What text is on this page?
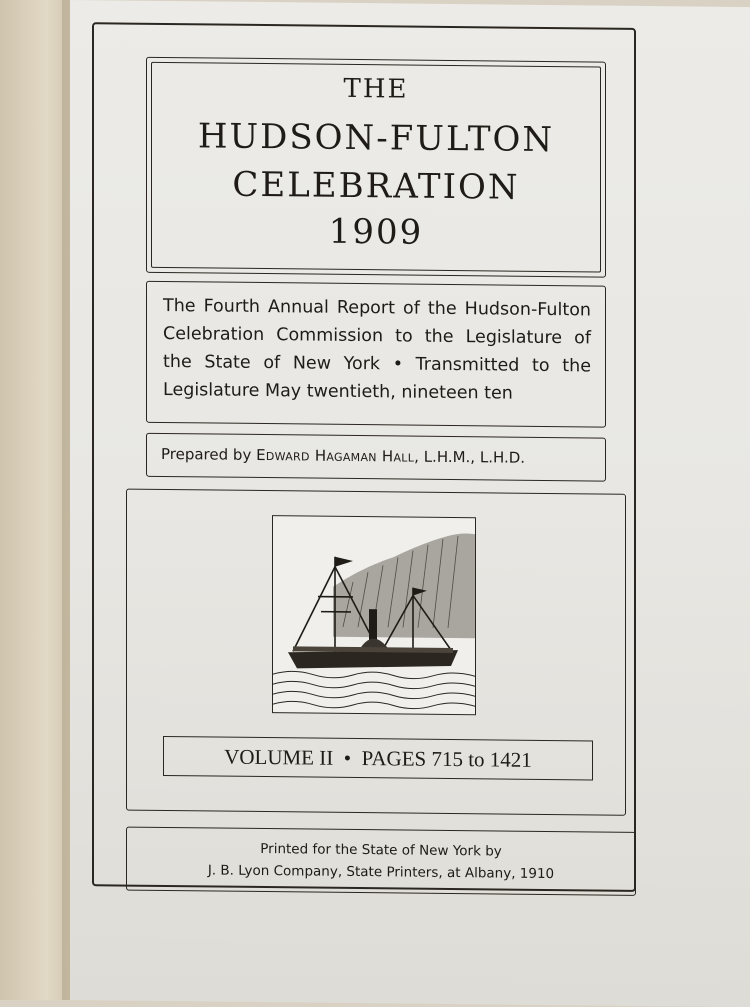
THE
HUDSON-FULTON
CELEBRATION
1909
The Fourth Annual Report of the Hudson-Fulton Celebration Commission to the Legislature of the State of New York • Transmitted to the Legislature May twentieth, nineteen ten
Prepared by Edward Hagaman Hall, L.H.M., L.H.D.
VOLUME II • PAGES 715 to 1421
Printed for the State of New York by
J. B. Lyon Company, State Printers, at Albany, 1910
